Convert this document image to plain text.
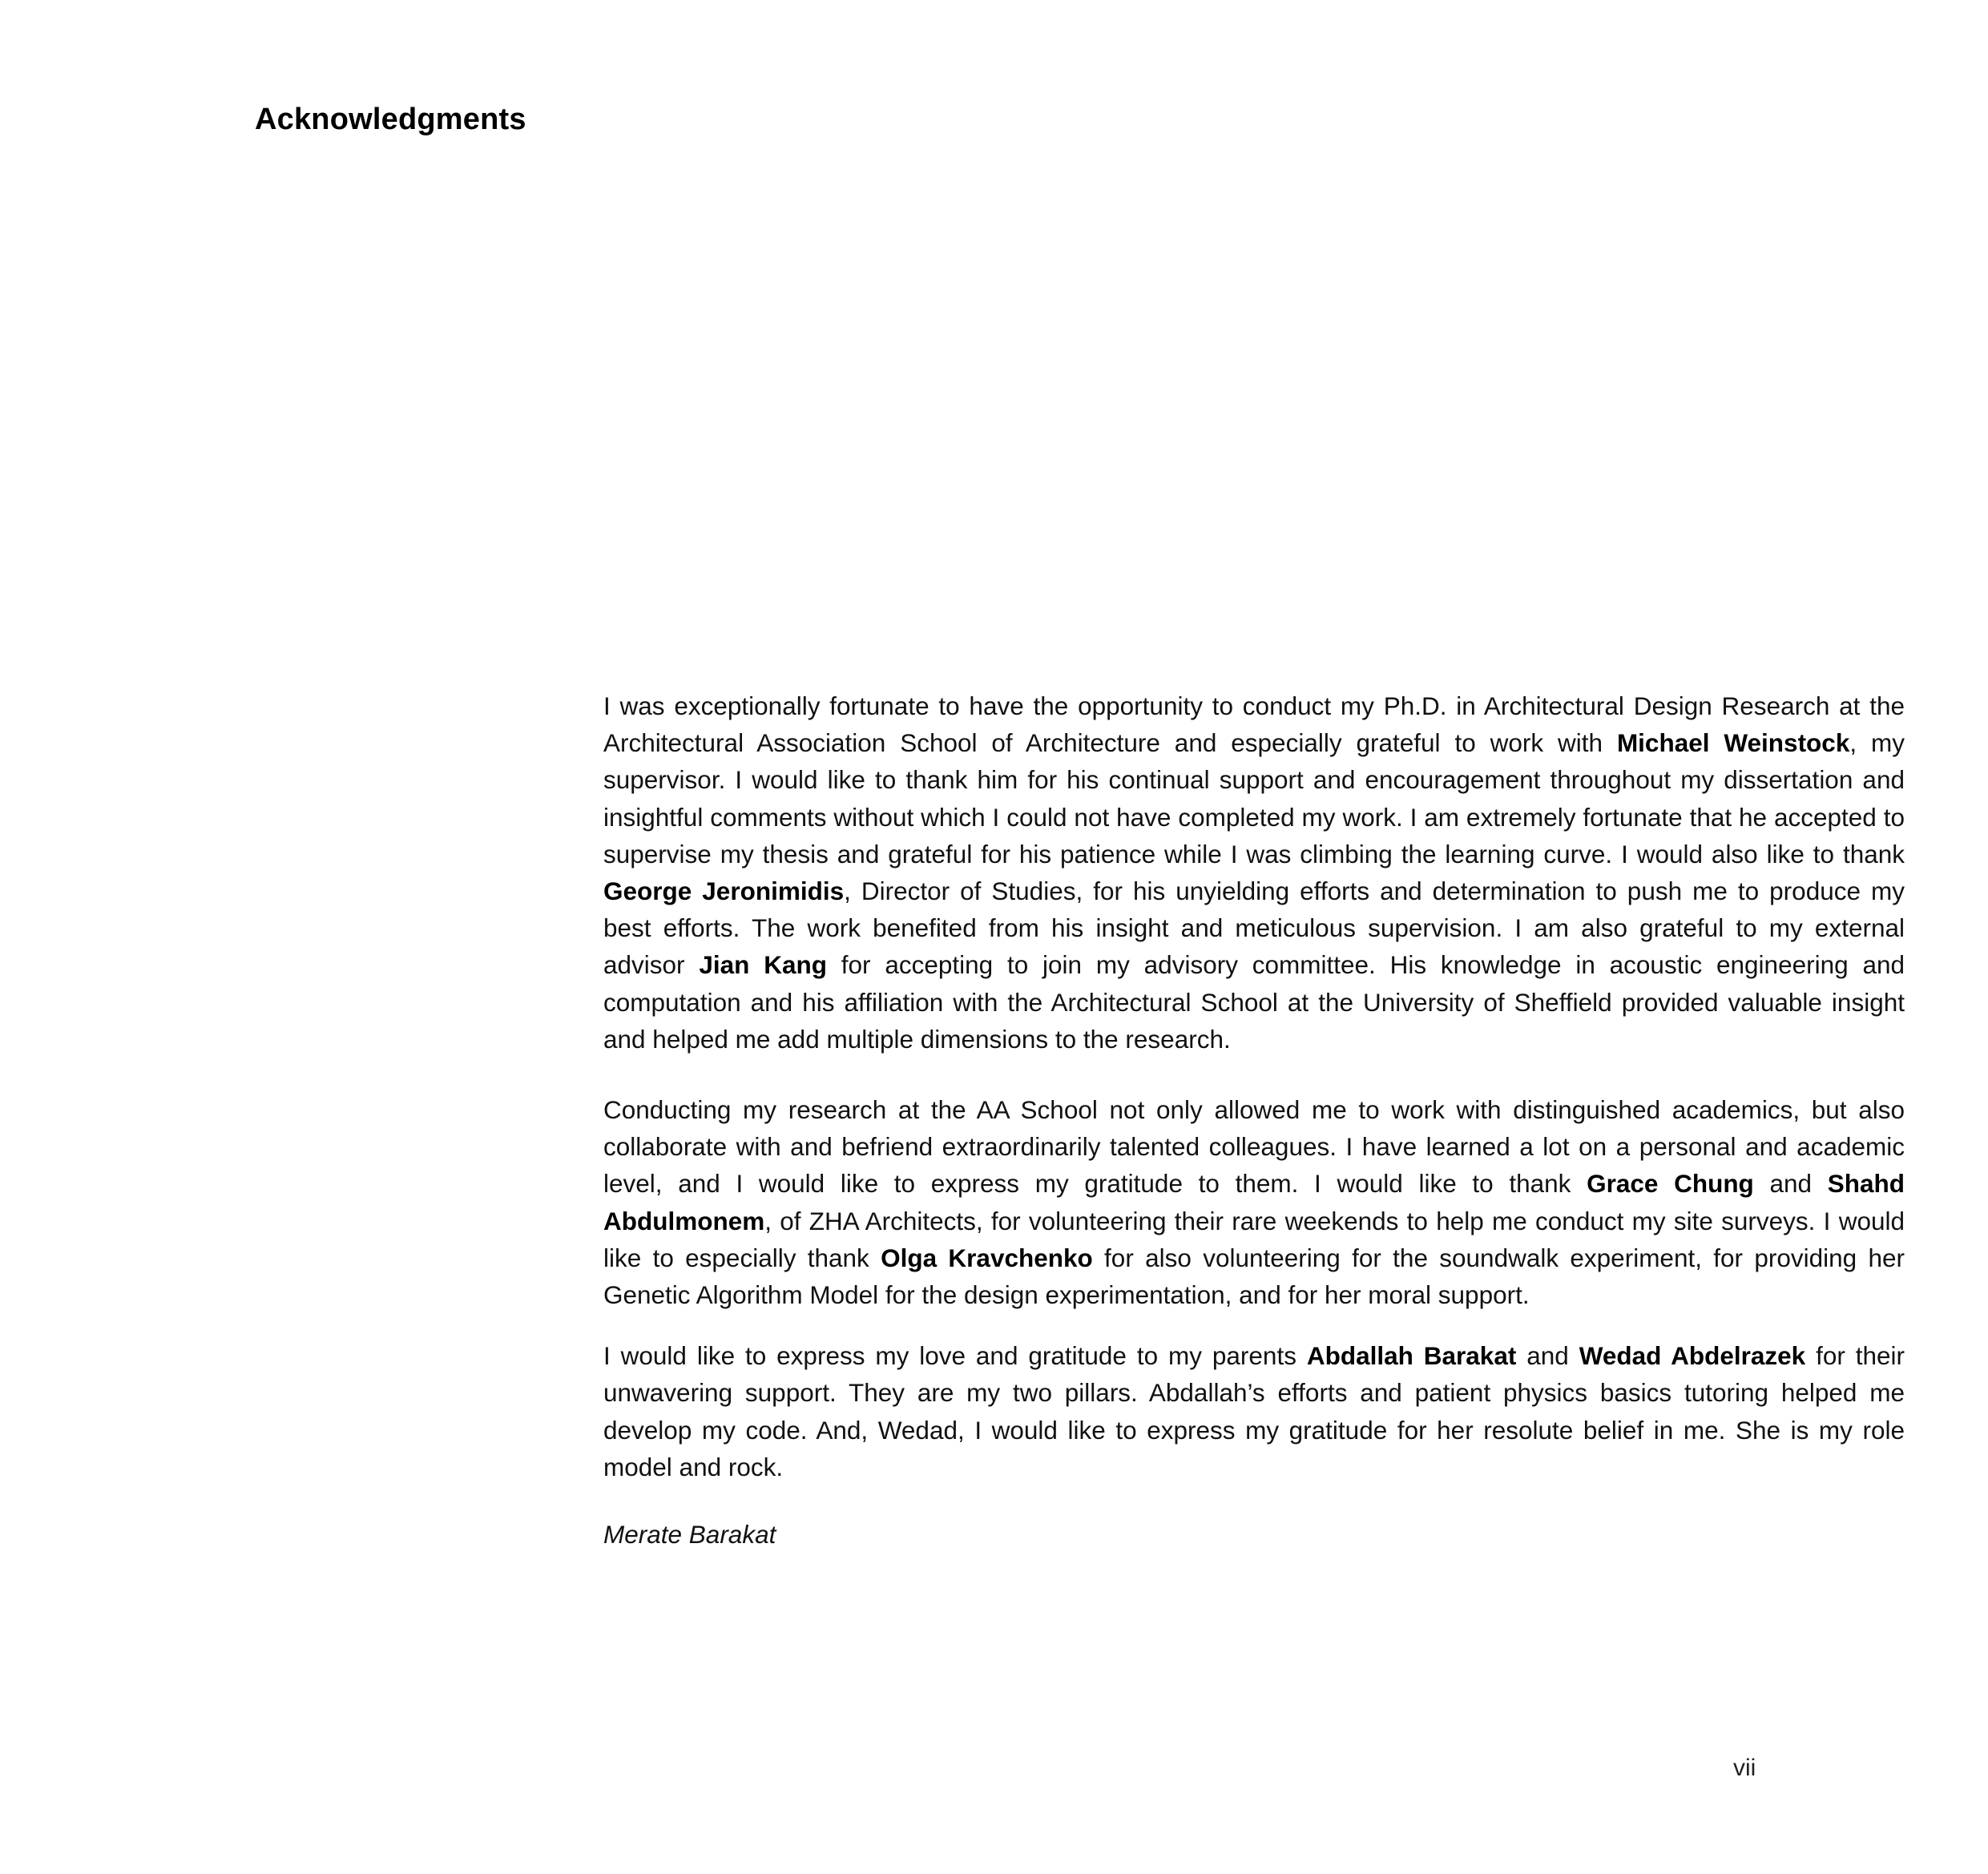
Acknowledgments

I was exceptionally fortunate to have the opportunity to conduct my Ph.D. in Architectural Design Research at the Architectural Association School of Architecture and especially grateful to work with Michael Weinstock, my supervisor. I would like to thank him for his continual support and encouragement throughout my dissertation and insightful comments without which I could not have completed my work. I am extremely fortunate that he accepted to supervise my thesis and grateful for his patience while I was climbing the learning curve. I would also like to thank George Jeronimidis, Director of Studies, for his unyielding efforts and determination to push me to produce my best efforts. The work benefited from his insight and meticulous supervision. I am also grateful to my external advisor Jian Kang for accepting to join my advisory committee. His knowledge in acoustic engineering and computation and his affiliation with the Architectural School at the University of Sheffield provided valuable insight and helped me add multiple dimensions to the research.

Conducting my research at the AA School not only allowed me to work with distinguished academics, but also collaborate with and befriend extraordinarily talented colleagues. I have learned a lot on a personal and academic level, and I would like to express my gratitude to them. I would like to thank Grace Chung and Shahd Abdulmonem, of ZHA Architects, for volunteering their rare weekends to help me conduct my site surveys. I would like to especially thank Olga Kravchenko for also volunteering for the soundwalk experiment, for providing her Genetic Algorithm Model for the design experimentation, and for her moral support.

I would like to express my love and gratitude to my parents Abdallah Barakat and Wedad Abdelrazek for their unwavering support. They are my two pillars. Abdallah’s efforts and patient physics basics tutoring helped me develop my code. And, Wedad, I would like to express my gratitude for her resolute belief in me. She is my role model and rock.

Merate Barakat

vii
